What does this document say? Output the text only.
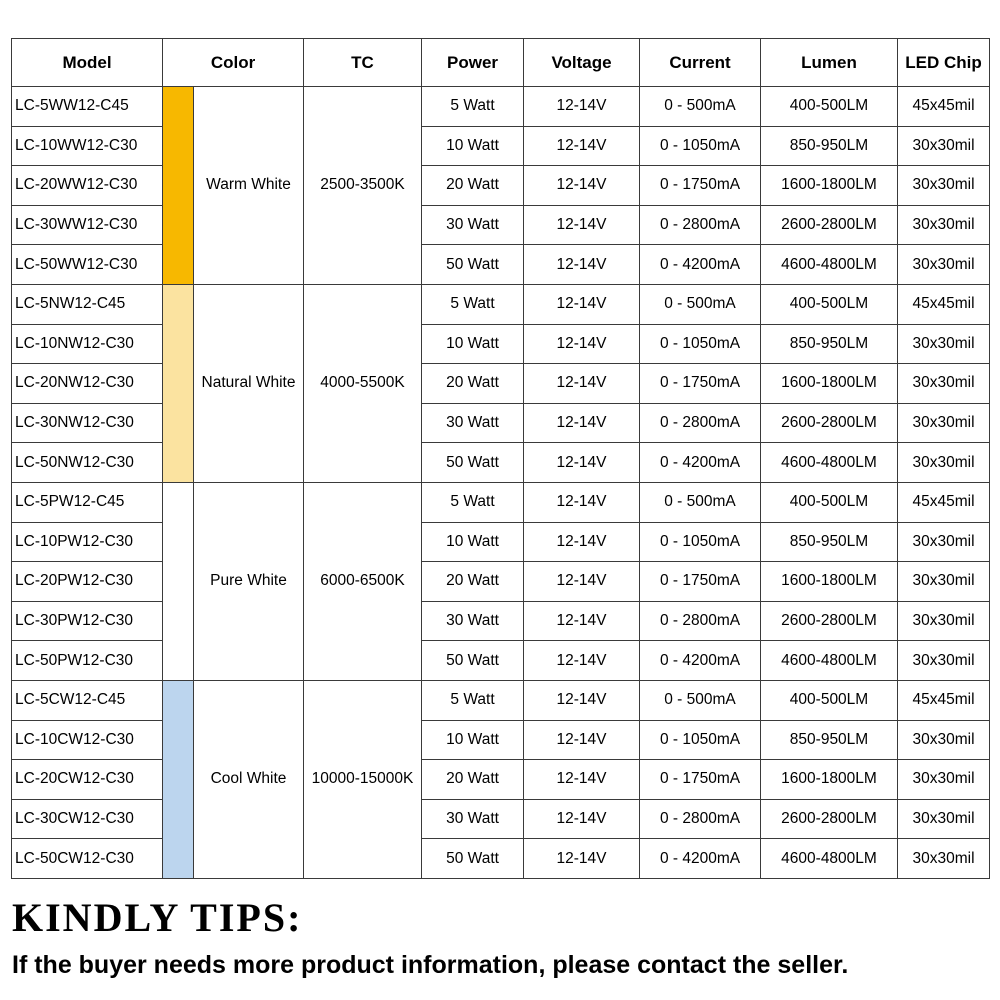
Model	Color		TC	Power	Voltage	Current	Lumen	LED Chip
LC-5WW12-C45		Warm White	2500-3500K	5 Watt	12-14V	0 - 500mA	400-500LM	45x45mil
LC-10WW12-C30				10 Watt	12-14V	0 - 1050mA	850-950LM	30x30mil
LC-20WW12-C30				20 Watt	12-14V	0 - 1750mA	1600-1800LM	30x30mil
LC-30WW12-C30				30 Watt	12-14V	0 - 2800mA	2600-2800LM	30x30mil
LC-50WW12-C30				50 Watt	12-14V	0 - 4200mA	4600-4800LM	30x30mil
LC-5NW12-C45		Natural White	4000-5500K	5 Watt	12-14V	0 - 500mA	400-500LM	45x45mil
LC-10NW12-C30				10 Watt	12-14V	0 - 1050mA	850-950LM	30x30mil
LC-20NW12-C30				20 Watt	12-14V	0 - 1750mA	1600-1800LM	30x30mil
LC-30NW12-C30				30 Watt	12-14V	0 - 2800mA	2600-2800LM	30x30mil
LC-50NW12-C30				50 Watt	12-14V	0 - 4200mA	4600-4800LM	30x30mil
LC-5PW12-C45		Pure White	6000-6500K	5 Watt	12-14V	0 - 500mA	400-500LM	45x45mil
LC-10PW12-C30				10 Watt	12-14V	0 - 1050mA	850-950LM	30x30mil
LC-20PW12-C30				20 Watt	12-14V	0 - 1750mA	1600-1800LM	30x30mil
LC-30PW12-C30				30 Watt	12-14V	0 - 2800mA	2600-2800LM	30x30mil
LC-50PW12-C30				50 Watt	12-14V	0 - 4200mA	4600-4800LM	30x30mil
LC-5CW12-C45		Cool White	10000-15000K	5 Watt	12-14V	0 - 500mA	400-500LM	45x45mil
LC-10CW12-C30				10 Watt	12-14V	0 - 1050mA	850-950LM	30x30mil
LC-20CW12-C30				20 Watt	12-14V	0 - 1750mA	1600-1800LM	30x30mil
LC-30CW12-C30				30 Watt	12-14V	0 - 2800mA	2600-2800LM	30x30mil
LC-50CW12-C30				50 Watt	12-14V	0 - 4200mA	4600-4800LM	30x30mil
KINDLY TIPS:

If the buyer needs more product information, please contact the seller.
